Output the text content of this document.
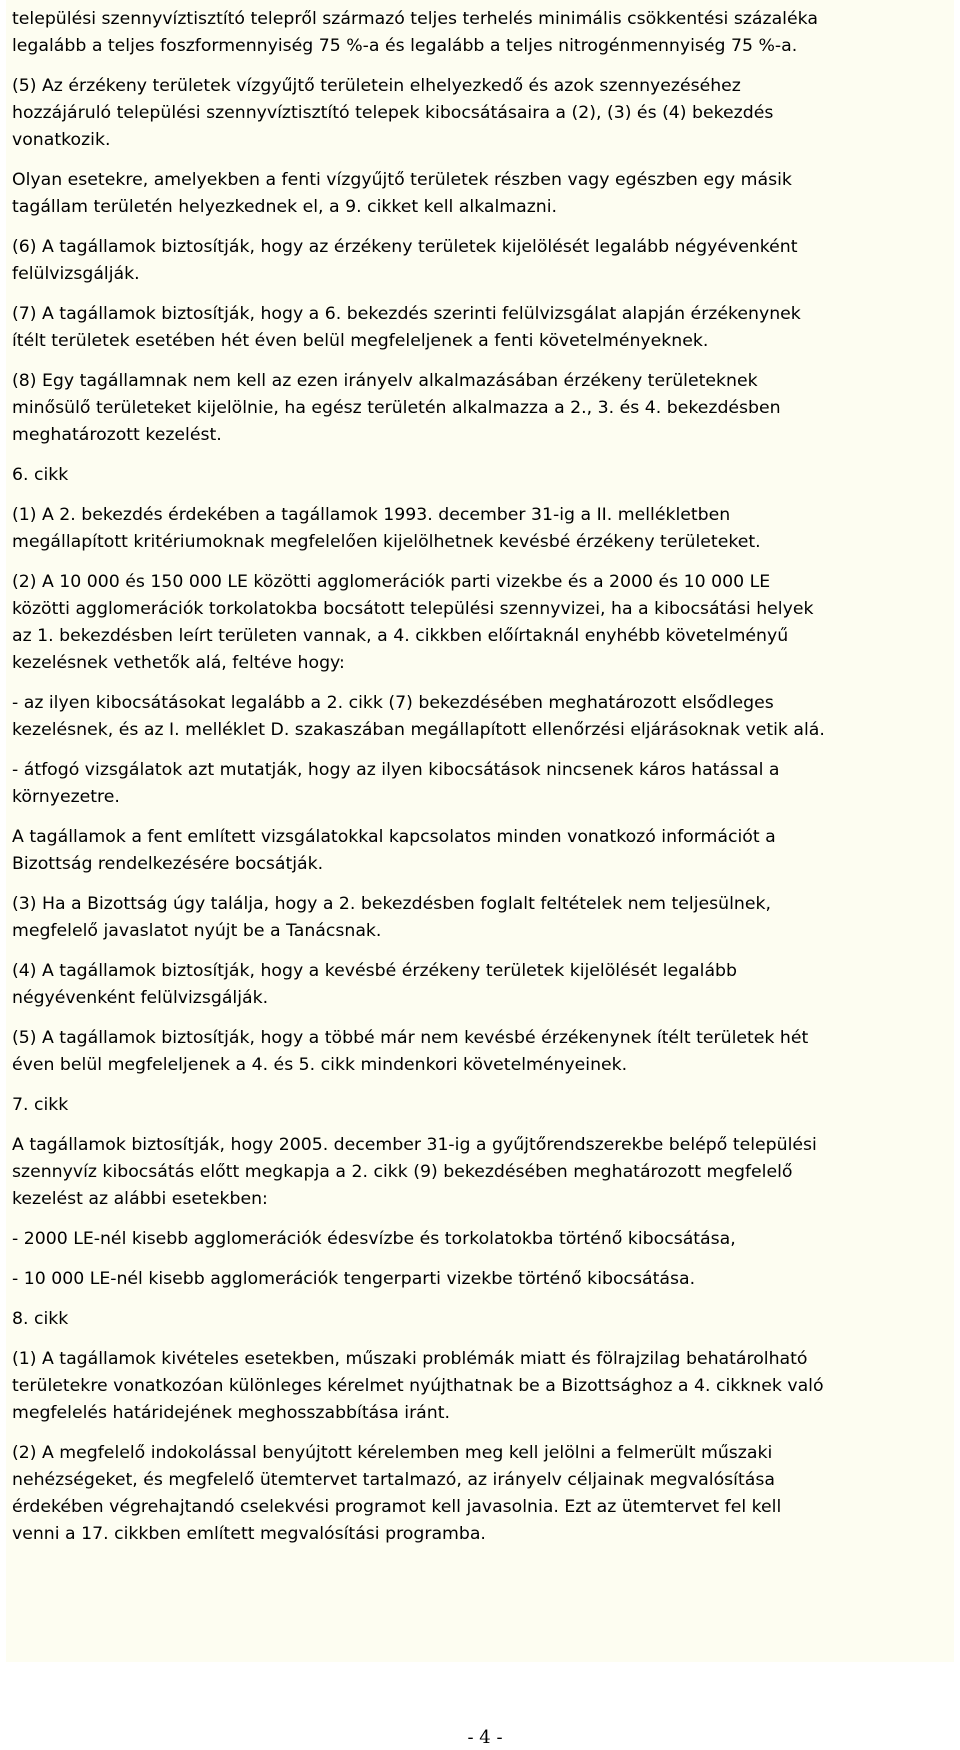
települési szennyvíztisztító telepről származó teljes terhelés minimális csökkentési százaléka
legalább a teljes foszformennyiség 75 %-a és legalább a teljes nitrogénmennyiség 75 %-a.

(5) Az érzékeny területek vízgyűjtő területein elhelyezkedő és azok szennyezéséhez
hozzájáruló települési szennyvíztisztító telepek kibocsátásaira a (2), (3) és (4) bekezdés
vonatkozik.

Olyan esetekre, amelyekben a fenti vízgyűjtő területek részben vagy egészben egy másik
tagállam területén helyezkednek el, a 9. cikket kell alkalmazni.

(6) A tagállamok biztosítják, hogy az érzékeny területek kijelölését legalább négyévenként
felülvizsgálják.

(7) A tagállamok biztosítják, hogy a 6. bekezdés szerinti felülvizsgálat alapján érzékenynek
ítélt területek esetében hét éven belül megfeleljenek a fenti követelményeknek.

(8) Egy tagállamnak nem kell az ezen irányelv alkalmazásában érzékeny területeknek
minősülő területeket kijelölnie, ha egész területén alkalmazza a 2., 3. és 4. bekezdésben
meghatározott kezelést.

6. cikk

(1) A 2. bekezdés érdekében a tagállamok 1993. december 31-ig a II. mellékletben
megállapított kritériumoknak megfelelően kijelölhetnek kevésbé érzékeny területeket.

(2) A 10 000 és 150 000 LE közötti agglomerációk parti vizekbe és a 2000 és 10 000 LE
közötti agglomerációk torkolatokba bocsátott települési szennyvizei, ha a kibocsátási helyek
az 1. bekezdésben leírt területen vannak, a 4. cikkben előírtaknál enyhébb követelményű
kezelésnek vethetők alá, feltéve hogy:

- az ilyen kibocsátásokat legalább a 2. cikk (7) bekezdésében meghatározott elsődleges
kezelésnek, és az I. melléklet D. szakaszában megállapított ellenőrzési eljárásoknak vetik alá.

- átfogó vizsgálatok azt mutatják, hogy az ilyen kibocsátások nincsenek káros hatással a
környezetre.

A tagállamok a fent említett vizsgálatokkal kapcsolatos minden vonatkozó információt a
Bizottság rendelkezésére bocsátják.

(3) Ha a Bizottság úgy találja, hogy a 2. bekezdésben foglalt feltételek nem teljesülnek,
megfelelő javaslatot nyújt be a Tanácsnak.

(4) A tagállamok biztosítják, hogy a kevésbé érzékeny területek kijelölését legalább
négyévenként felülvizsgálják.

(5) A tagállamok biztosítják, hogy a többé már nem kevésbé érzékenynek ítélt területek hét
éven belül megfeleljenek a 4. és 5. cikk mindenkori követelményeinek.

7. cikk

A tagállamok biztosítják, hogy 2005. december 31-ig a gyűjtőrendszerekbe belépő települési
szennyvíz kibocsátás előtt megkapja a 2. cikk (9) bekezdésében meghatározott megfelelő
kezelést az alábbi esetekben:

- 2000 LE-nél kisebb agglomerációk édesvízbe és torkolatokba történő kibocsátása,

- 10 000 LE-nél kisebb agglomerációk tengerparti vizekbe történő kibocsátása.

8. cikk

(1) A tagállamok kivételes esetekben, műszaki problémák miatt és fölrajzilag behatárolható
területekre vonatkozóan különleges kérelmet nyújthatnak be a Bizottsághoz a 4. cikknek való
megfelelés határidejének meghosszabbítása iránt.

(2) A megfelelő indokolással benyújtott kérelemben meg kell jelölni a felmerült műszaki
nehézségeket, és megfelelő ütemtervet tartalmazó, az irányelv céljainak megvalósítása
érdekében végrehajtandó cselekvési programot kell javasolnia. Ezt az ütemtervet fel kell
venni a 17. cikkben említett megvalósítási programba.

- 4 -
